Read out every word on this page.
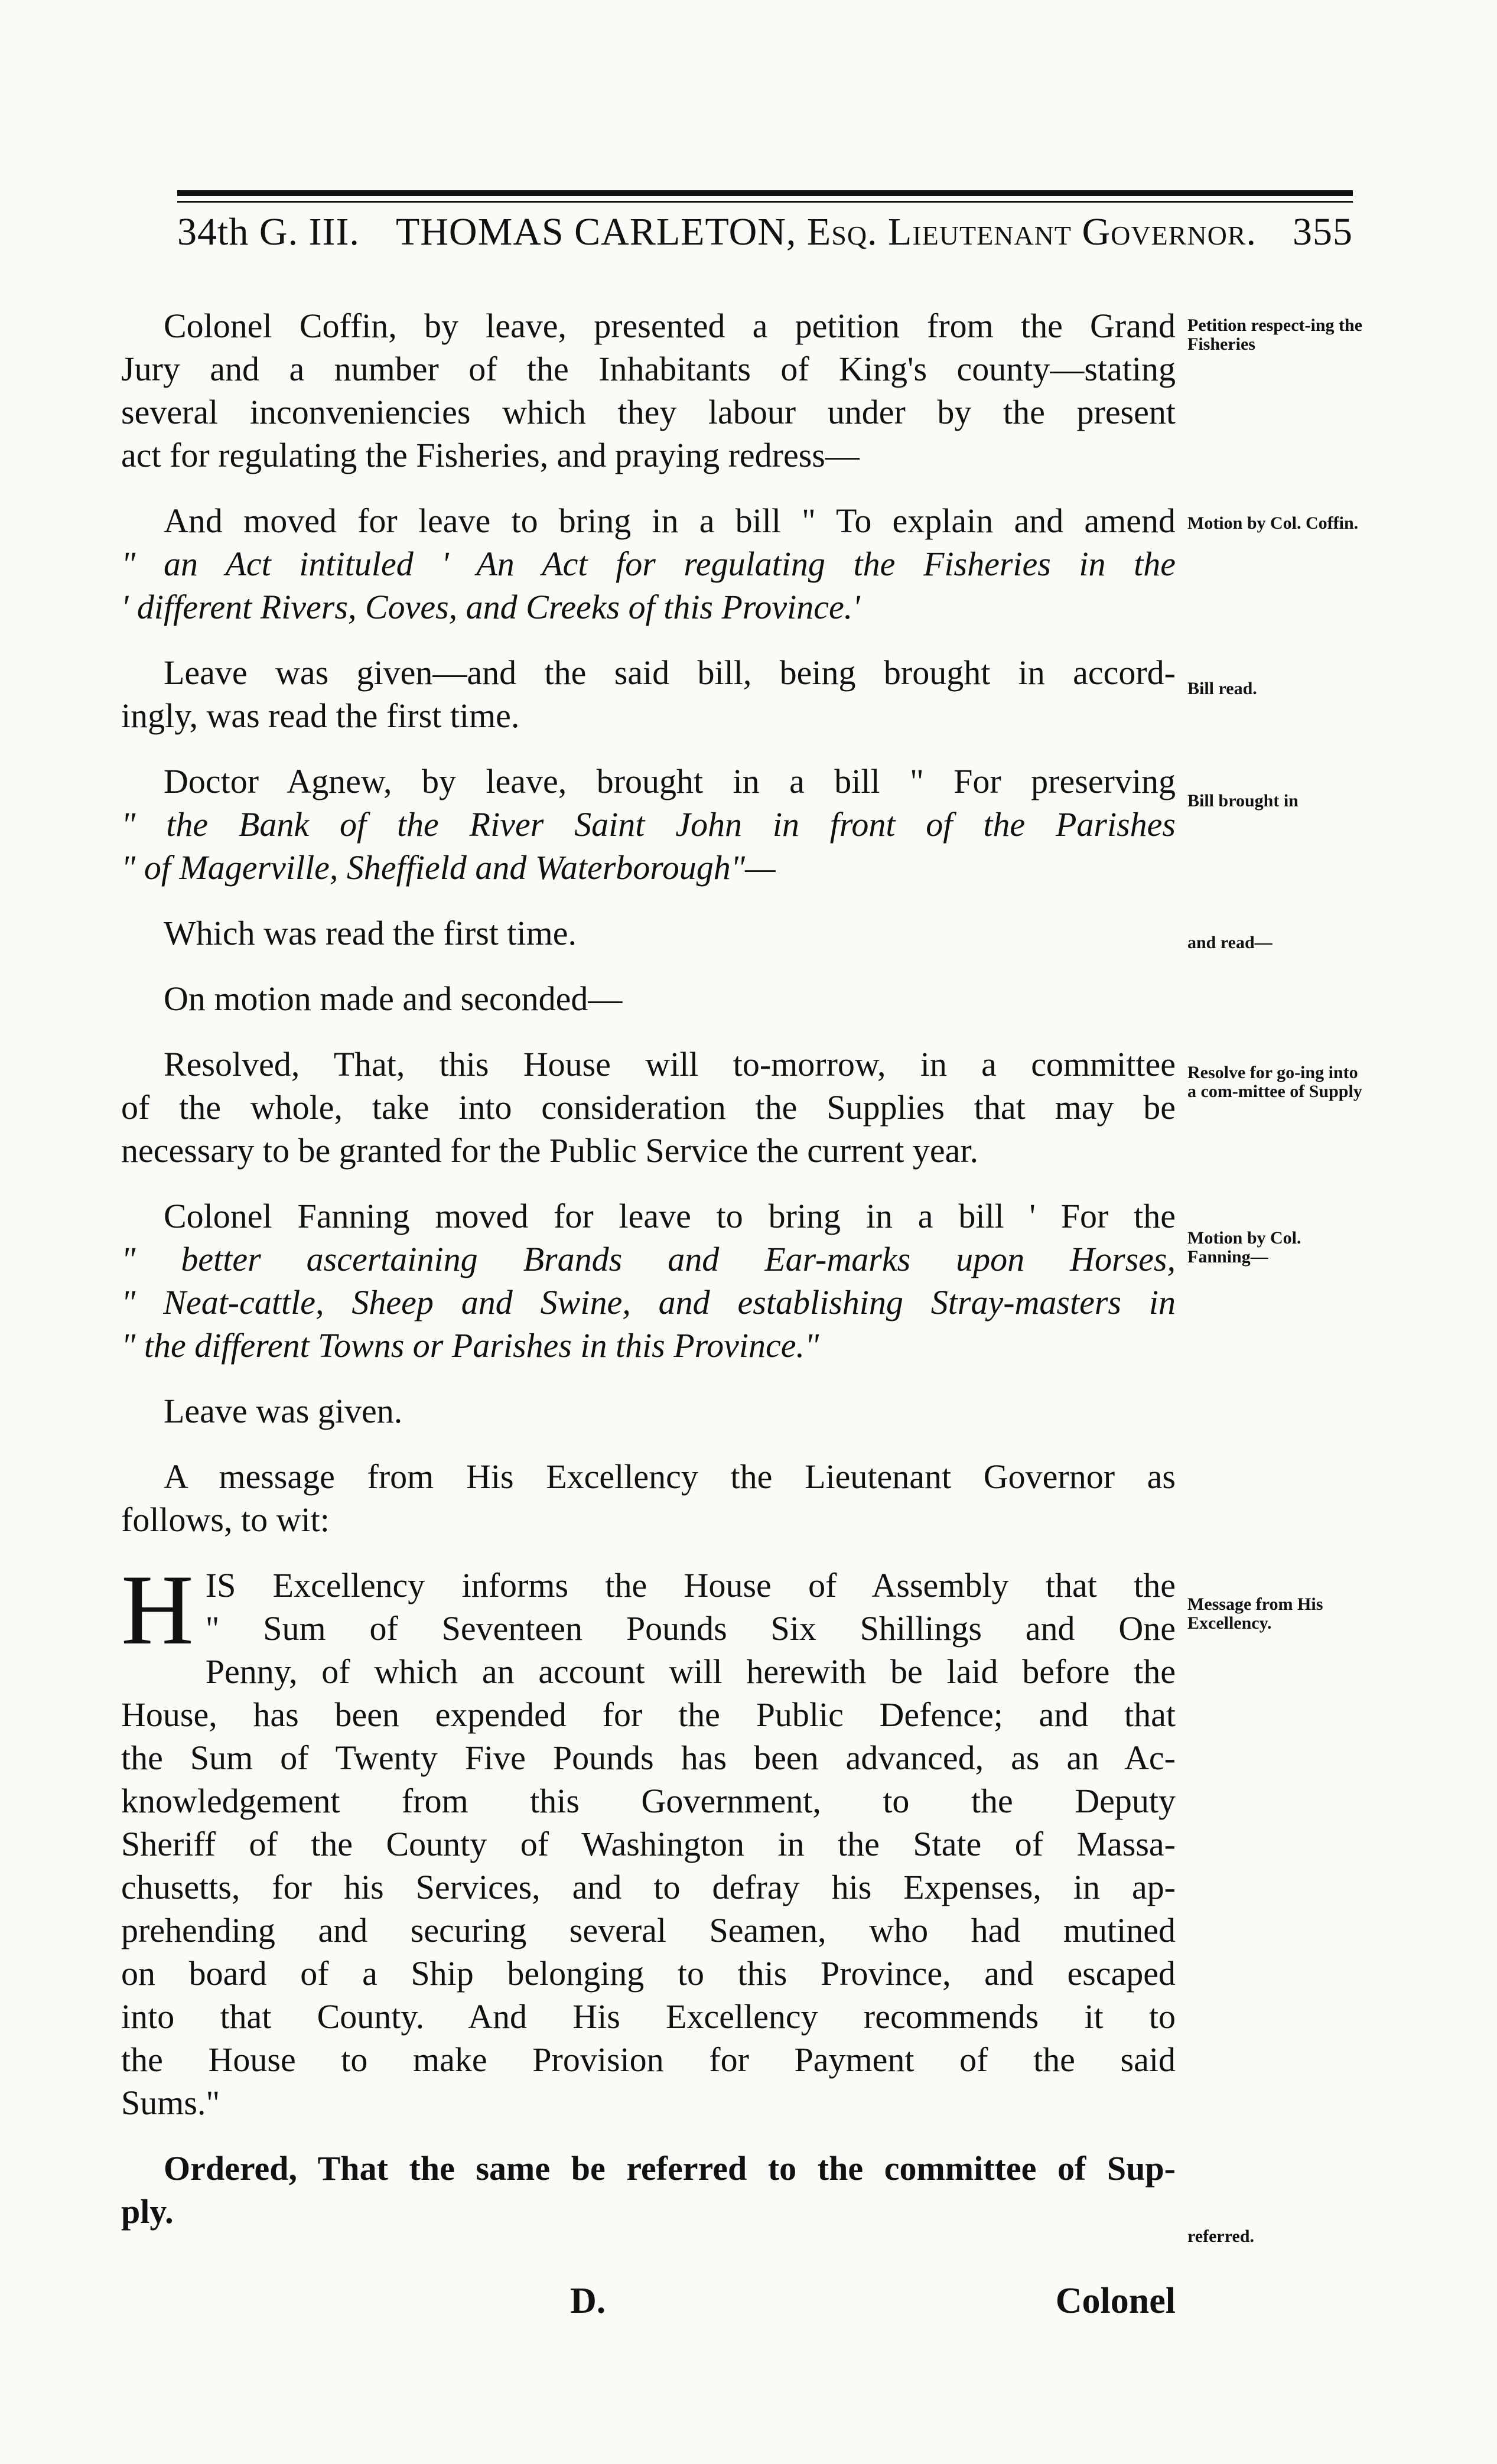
34th G. III. THOMAS CARLETON, Esq. Lieutenant Governor. 355
Petition respect-ing the Fisheries
Motion by Col. Coffin.
Bill read.
Bill brought in
and read—
Resolve for go-ing into a com-mittee of Supply
Motion by Col. Fanning—
Message from His Excellency.
referred.
Colonel Coffin, by leave, presented a petition from the Grand
Jury and a number of the Inhabitants of King's county—stating
several inconveniencies which they labour under by the present
act for regulating the Fisheries, and praying redress—
And moved for leave to bring in a bill " To explain and amend
" an Act intituled ' An Act for regulating the Fisheries in the
' different Rivers, Coves, and Creeks of this Province.'
Leave was given—and the said bill, being brought in accord-
ingly, was read the first time.
Doctor Agnew, by leave, brought in a bill " For preserving
" the Bank of the River Saint John in front of the Parishes
" of Magerville, Sheffield and Waterborough"—
Which was read the first time.
On motion made and seconded—
Resolved, That, this House will to-morrow, in a committee
of the whole, take into consideration the Supplies that may be
necessary to be granted for the Public Service the current year.
Colonel Fanning moved for leave to bring in a bill ' For the
" better ascertaining Brands and Ear-marks upon Horses,
" Neat-cattle, Sheep and Swine, and establishing Stray-masters in
" the different Towns or Parishes in this Province."
Leave was given.
A message from His Excellency the Lieutenant Governor as
follows, to wit:
H IS Excellency informs the House of Assembly that the
" Sum of Seventeen Pounds Six Shillings and One
Penny, of which an account will herewith be laid before the
House, has been expended for the Public Defence; and that
the Sum of Twenty Five Pounds has been advanced, as an Ac-
knowledgement from this Government, to the Deputy
Sheriff of the County of Washington in the State of Massa-
chusetts, for his Services, and to defray his Expenses, in ap-
prehending and securing several Seamen, who had mutined
on board of a Ship belonging to this Province, and escaped
into that County. And His Excellency recommends it to
the House to make Provision for Payment of the said
Sums."
Ordered, That the same be referred to the committee of Sup-
ply.
D.	Colonel
